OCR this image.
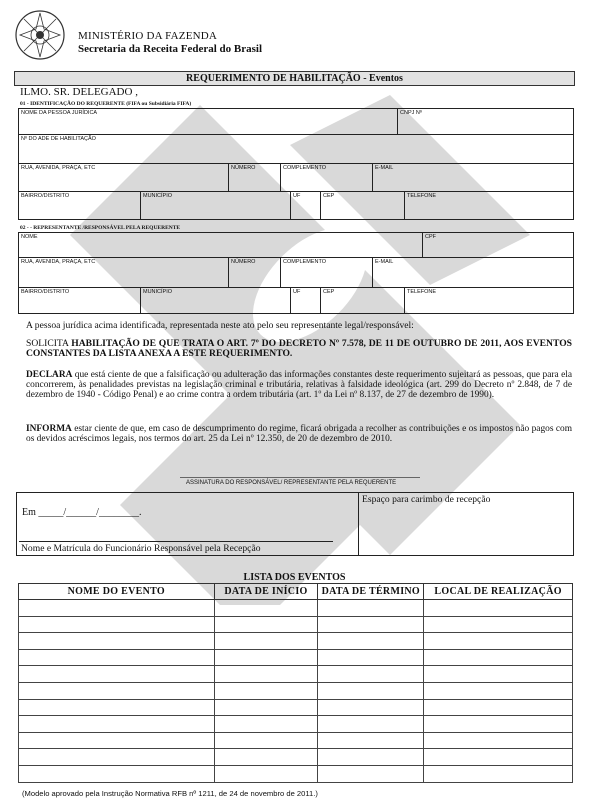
MINISTÉRIO DA FAZENDA
Secretaria da Receita Federal do Brasil
REQUERIMENTO DE HABILITAÇÃO - Eventos
ILMO. SR. DELEGADO ,
01 - IDENTIFICAÇÃO DO REQUERENTE (FIFA ou Subsidiária FIFA)
NOME DA PESSOA JURÍDICA	CNPJ Nº
Nº DO ADE DE HABILITAÇÃO
RUA, AVENIDA, PRAÇA, ETC	NÚMERO	COMPLEMENTO	E-MAIL
BAIRRO/DISTRITO	MUNICÍPIO	UF	CEP	TELEFONE
02 - - REPRESENTANTE /RESPONSÁVEL PELA REQUERENTE
NOME	CPF
RUA, AVENIDA, PRAÇA, ETC	NÚMERO	COMPLEMENTO	E-MAIL
BAIRRO/DISTRITO	MUNICÍPIO	UF	CEP	TELEFONE
A pessoa jurídica acima identificada, representada neste ato pelo seu representante legal/responsável:
SOLICITA HABILITAÇÃO DE QUE TRATA O ART. 7º DO DECRETO Nº 7.578, DE 11 DE OUTUBRO DE 2011, AOS EVENTOS CONSTANTES DA LISTA ANEXA A ESTE REQUERIMENTO.
DECLARA que está ciente de que a falsificação ou adulteração das informações constantes deste requerimento sujeitará as pessoas, que para ela concorrerem, às penalidades previstas na legislação criminal e tributária, relativas à falsidade ideológica (art. 299 do Decreto nº 2.848, de 7 de dezembro de 1940 - Código Penal) e ao crime contra a ordem tributária (art. 1º da Lei nº 8.137, de 27 de dezembro de 1990).
INFORMA estar ciente de que, em caso de descumprimento do regime, ficará obrigada a recolher as contribuições e os impostos não pagos com os devidos acréscimos legais, nos termos do art. 25 da Lei nº 12.350, de 20 de dezembro de 2010.
ASSINATURA DO RESPONSÁVEL/ REPRESENTANTE PELA REQUERENTE
Em _____/______/________.
Nome e Matrícula do Funcionário Responsável pela Recepção
Espaço para carimbo de recepção
LISTA DOS EVENTOS
NOME DO EVENTO	DATA DE INÍCIO	DATA DE TÉRMINO	LOCAL DE REALIZAÇÃO

(Modelo aprovado pela Instrução Normativa RFB nº 1211, de 24 de novembro de 2011.)
